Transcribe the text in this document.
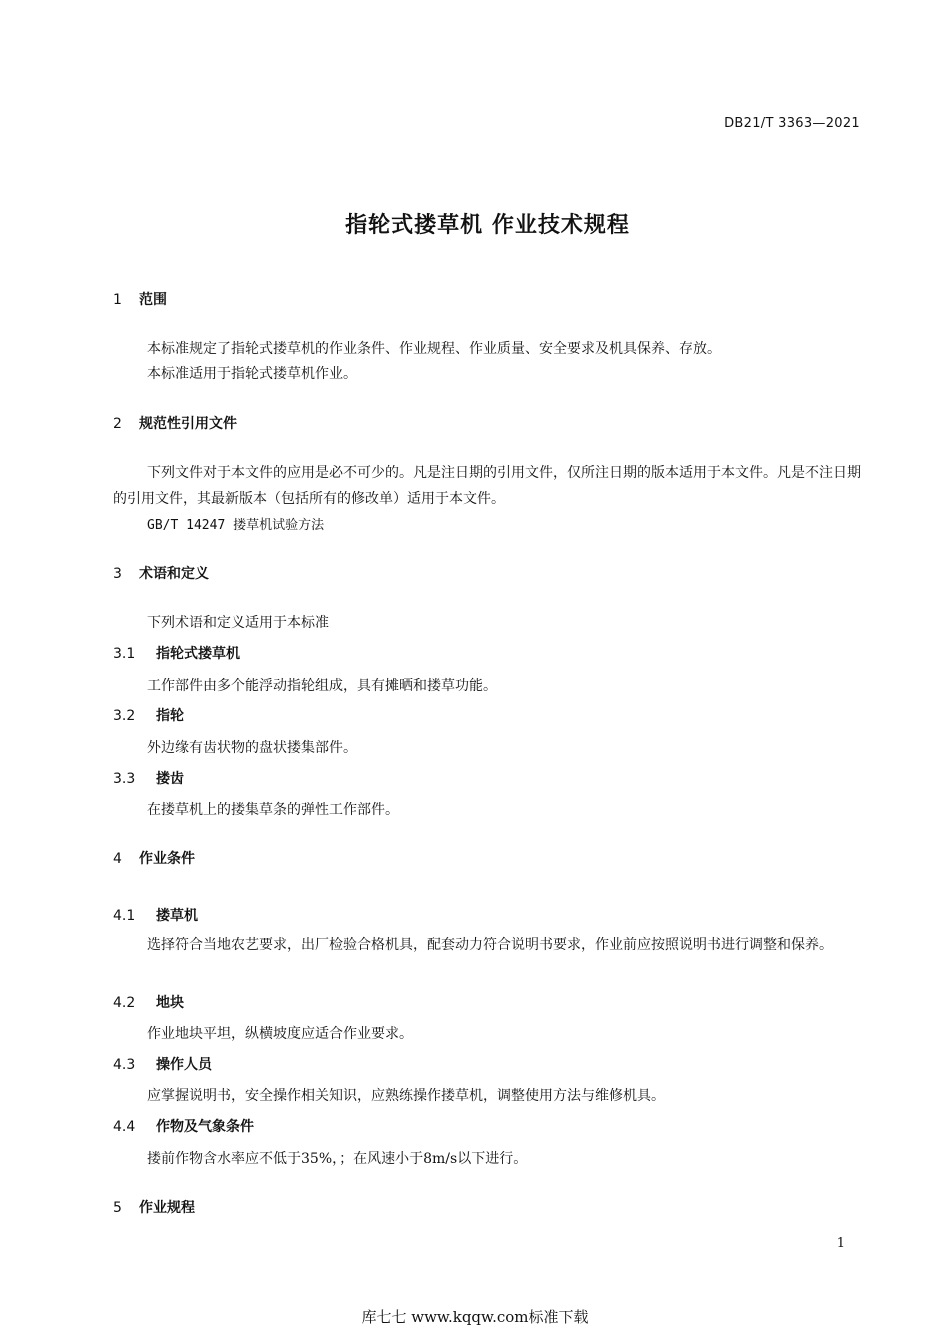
DB21/T 3363—2021
指轮式搂草机 作业技术规程
1 范围
本标准规定了指轮式搂草机的作业条件、作业规程、作业质量、安全要求及机具保养、存放。
本标准适用于指轮式搂草机作业。
2 规范性引用文件
下列文件对于本文件的应用是必不可少的。凡是注日期的引用文件，仅所注日期的版本适用于本文件。凡是不注日期的引用文件，其最新版本（包括所有的修改单）适用于本文件。
GB/T 14247 搂草机试验方法
3 术语和定义
下列术语和定义适用于本标准
3.1 指轮式搂草机
工作部件由多个能浮动指轮组成，具有摊晒和搂草功能。
3.2 指轮
外边缘有齿状物的盘状搂集部件。
3.3 搂齿
在搂草机上的搂集草条的弹性工作部件。
4 作业条件
4.1 搂草机
选择符合当地农艺要求，出厂检验合格机具，配套动力符合说明书要求，作业前应按照说明书进行调整和保养。
4.2 地块
作业地块平坦，纵横坡度应适合作业要求。
4.3 操作人员
应掌握说明书，安全操作相关知识，应熟练操作搂草机，调整使用方法与维修机具。
4.4 作物及气象条件
搂前作物含水率应不低于35%，；在风速小于8m/s以下进行。
5 作业规程
1
库七七 www.kqqw.com标准下载
